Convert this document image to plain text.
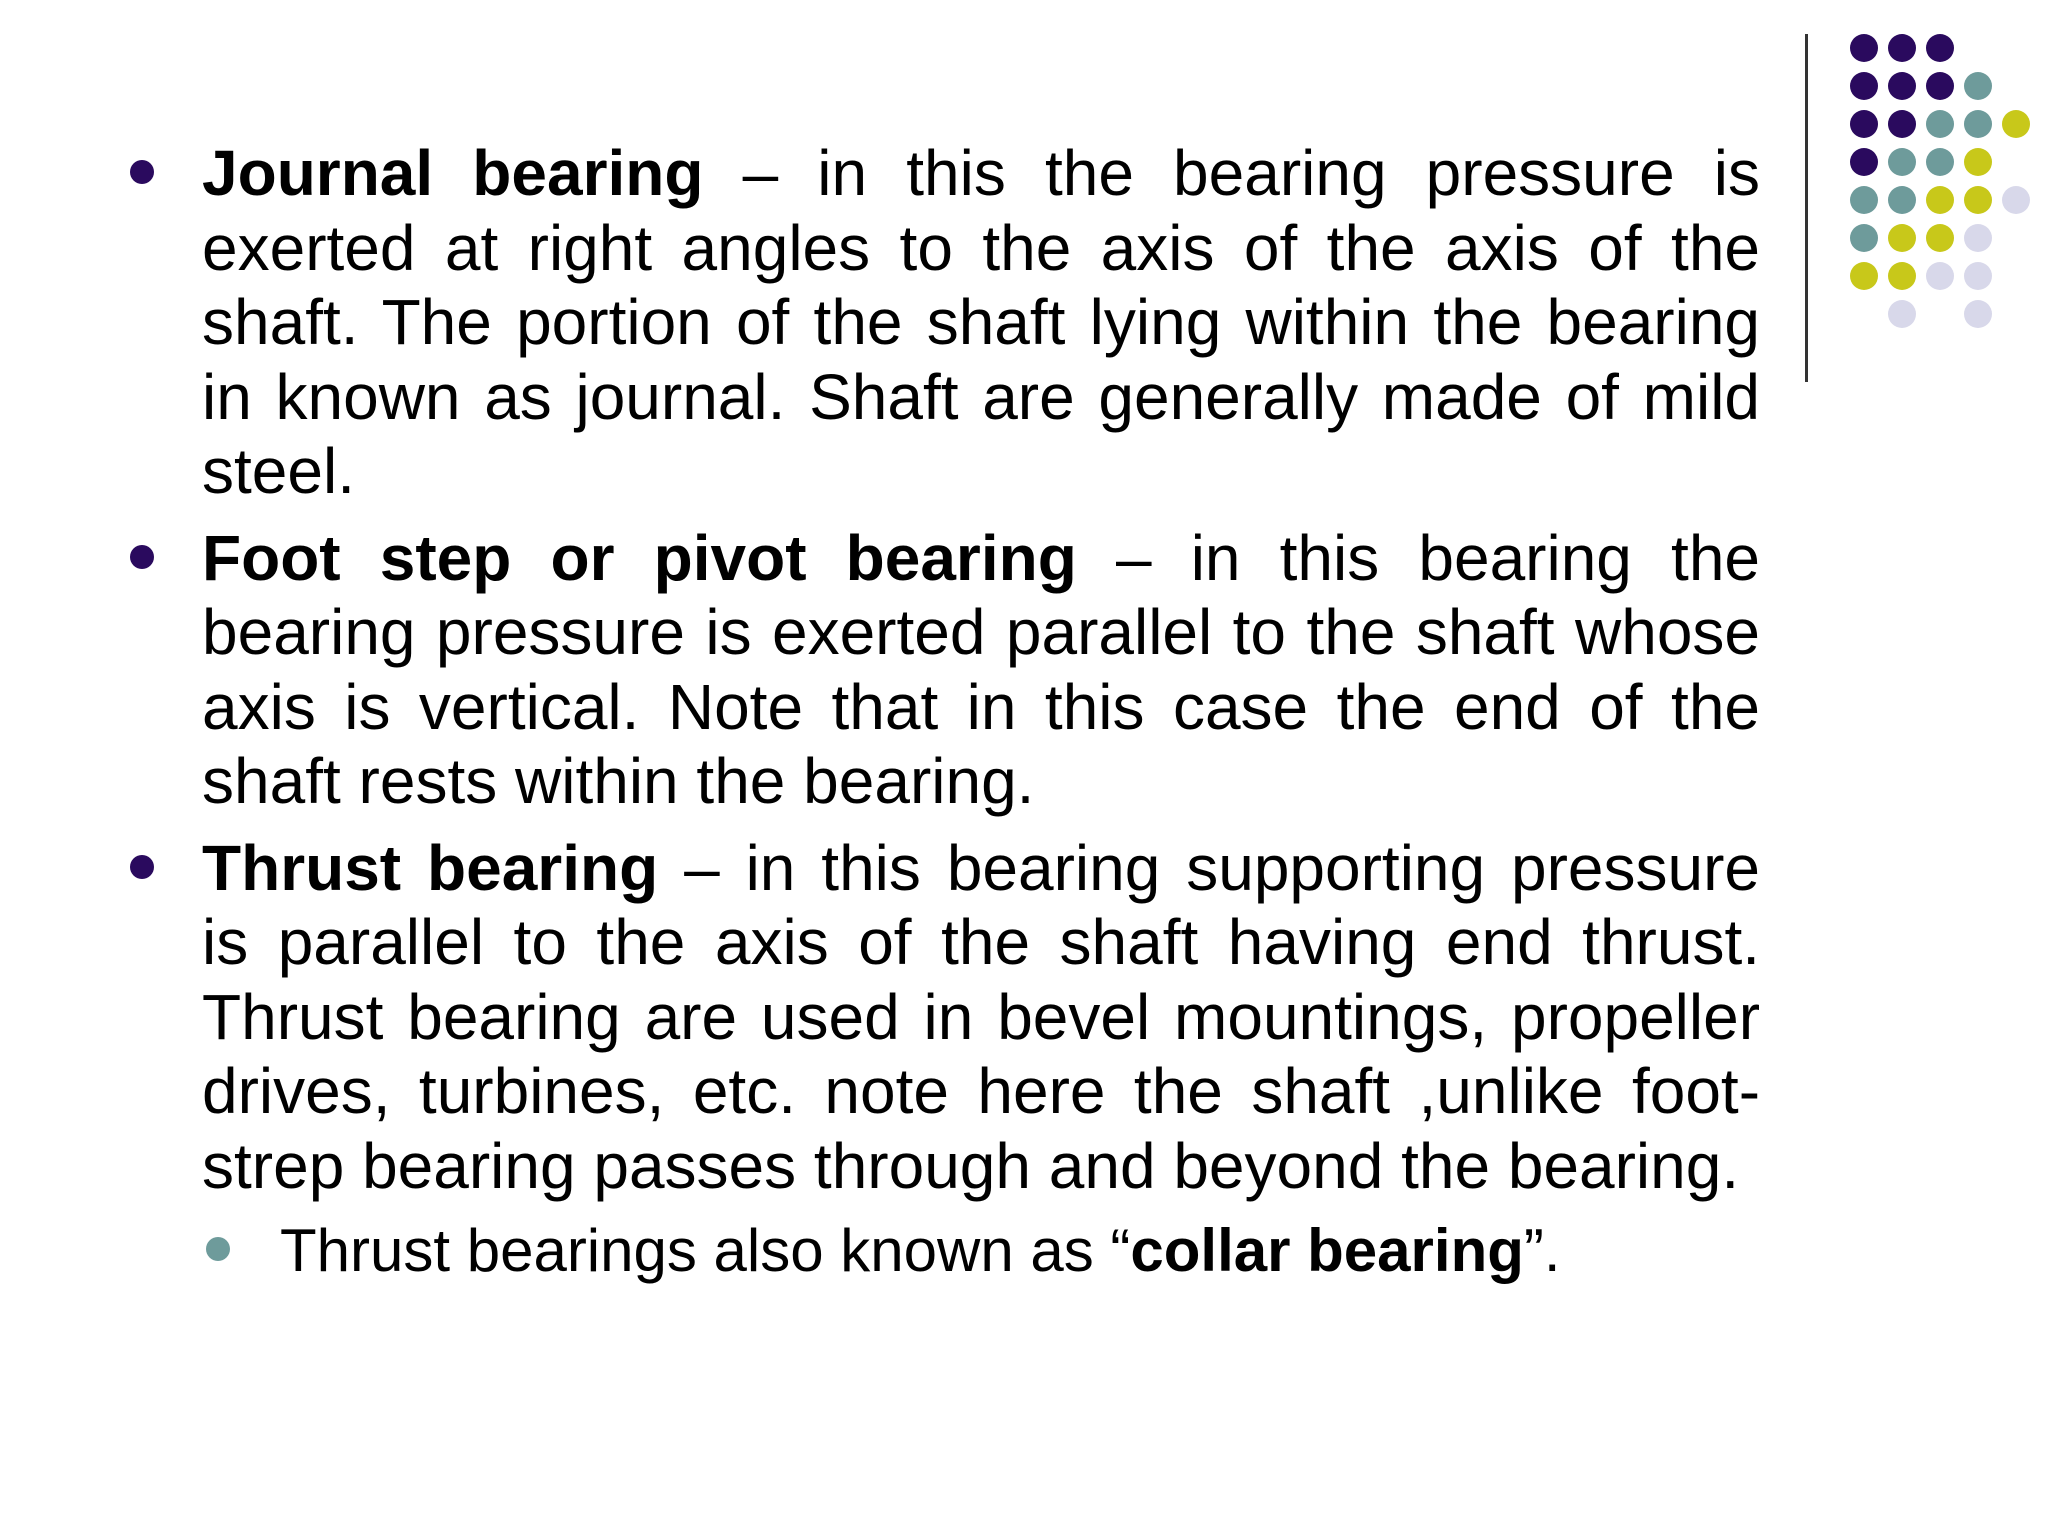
Journal bearing – in this the bearing pressure is exerted at right angles to the axis of the axis of the shaft. The portion of the shaft lying within the bearing in known as journal. Shaft are generally made of mild steel.
Foot step or pivot bearing – in this bearing the bearing pressure is exerted parallel to the shaft whose axis is vertical. Note that in this case the end of the shaft rests within the bearing.
Thrust bearing – in this bearing supporting pressure is parallel to the axis of the shaft having end thrust. Thrust bearing are used in bevel mountings, propeller drives, turbines, etc. note here the shaft ,unlike foot-strep bearing passes through and beyond the bearing.
Thrust bearings also known as “collar bearing”.
